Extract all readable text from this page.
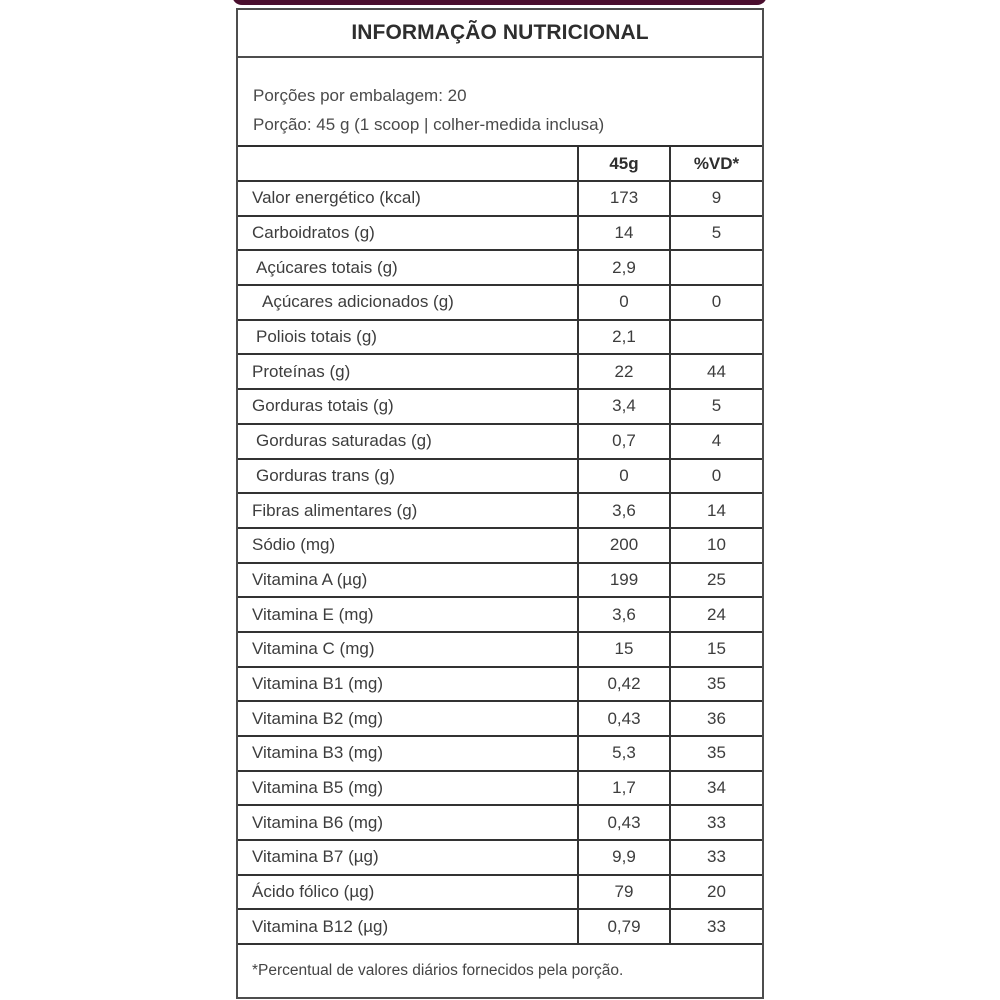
INFORMAÇÃO NUTRICIONAL
Porções por embalagem: 20
Porção: 45 g (1 scoop | colher-medida inclusa)
	45g	%VD*
Valor energético (kcal)	173	9
Carboidratos (g)	14	5
Açúcares totais (g)	2,9	
Açúcares adicionados (g)	0	0
Poliois totais (g)	2,1	
Proteínas (g)	22	44
Gorduras totais (g)	3,4	5
Gorduras saturadas (g)	0,7	4
Gorduras trans (g)	0	0
Fibras alimentares (g)	3,6	14
Sódio (mg)	200	10
Vitamina A (µg)	199	25
Vitamina E (mg)	3,6	24
Vitamina C (mg)	15	15
Vitamina B1 (mg)	0,42	35
Vitamina B2 (mg)	0,43	36
Vitamina B3 (mg)	5,3	35
Vitamina B5 (mg)	1,7	34
Vitamina B6 (mg)	0,43	33
Vitamina B7 (µg)	9,9	33
Ácido fólico (µg)	79	20
Vitamina B12 (µg)	0,79	33
*Percentual de valores diários fornecidos pela porção.
